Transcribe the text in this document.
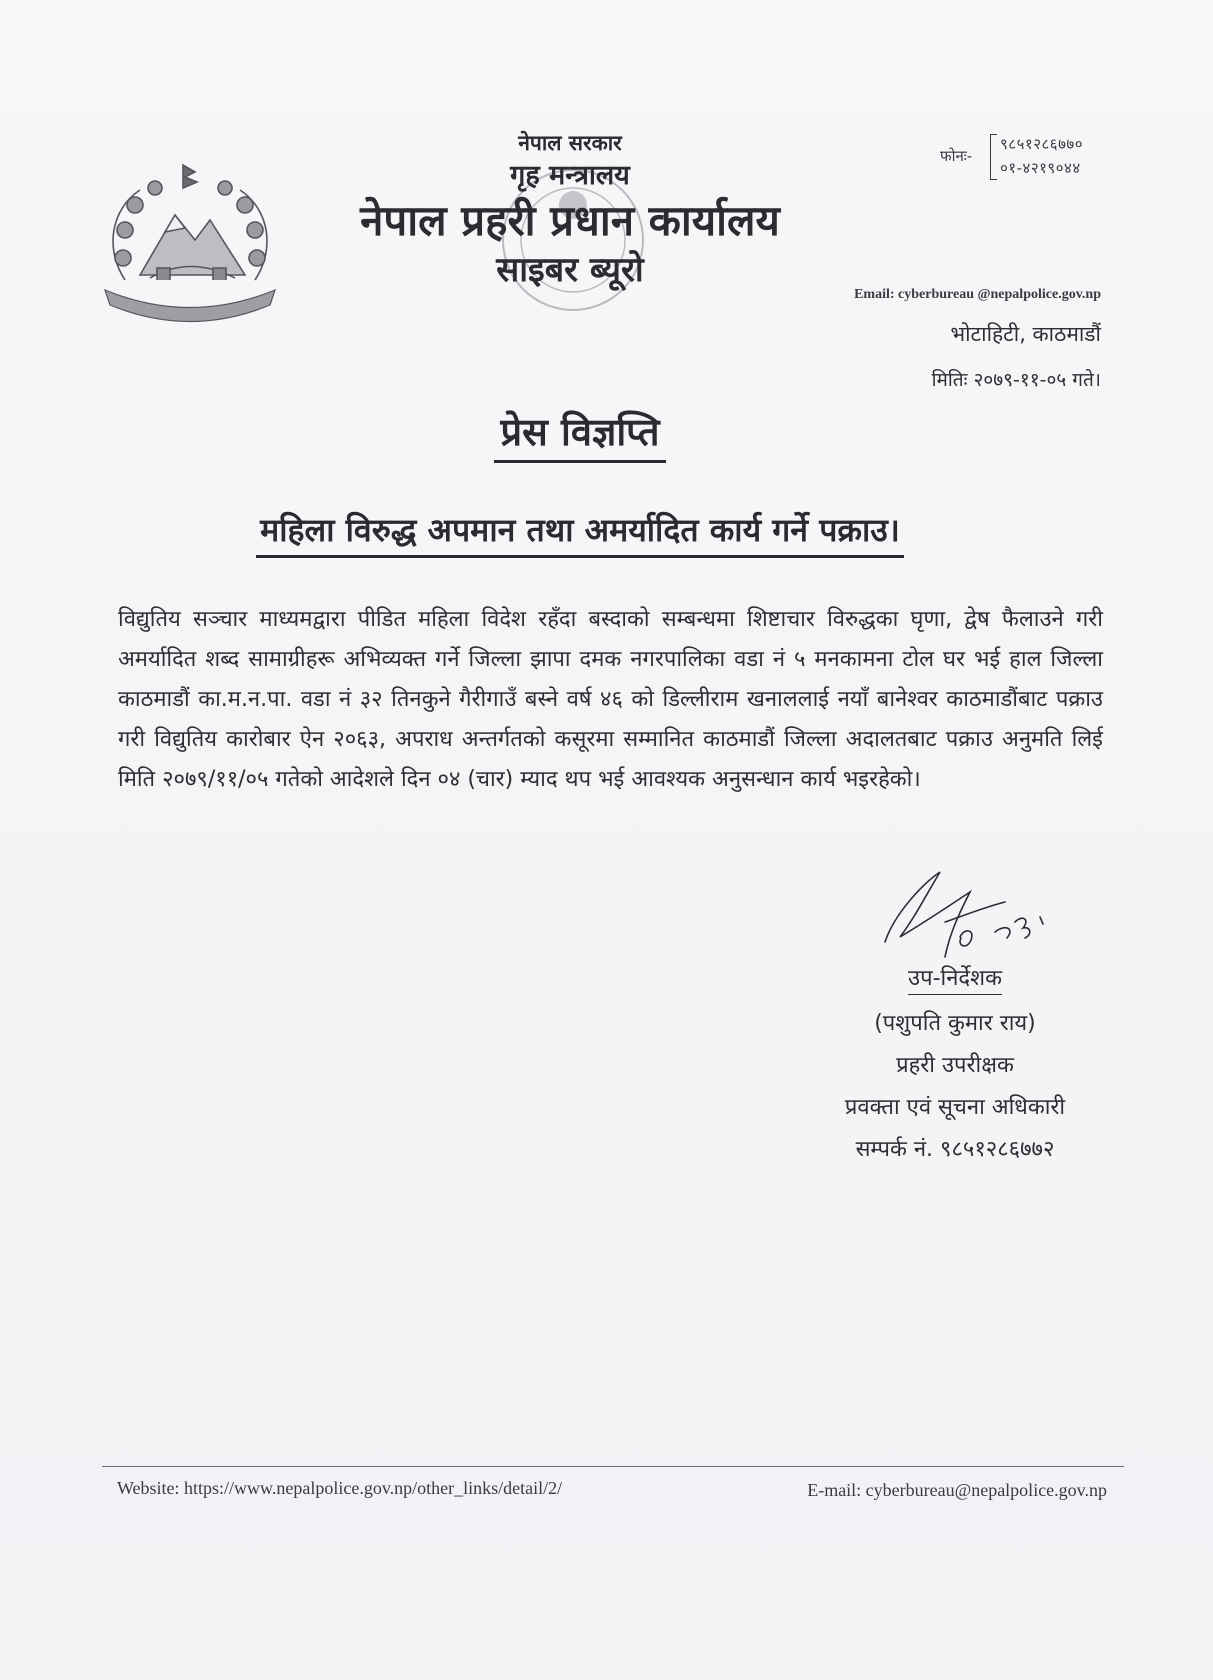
नेपाल सरकार
गृह मन्त्रालय
नेपाल प्रहरी प्रधान कार्यालय
साइबर ब्यूरो
फोनः-
९८५१२८६७७०
०१-४२१९०४४
Email: cyberbureau @nepalpolice.gov.np
भोटाहिटी, काठमाडौं
मितिः २०७९-११-०५ गते।
प्रेस विज्ञप्ति
महिला विरुद्ध अपमान तथा अमर्यादित कार्य गर्ने पक्राउ।
विद्युतिय सञ्चार माध्यमद्वारा पीडित महिला विदेश रहँदा बस्दाको सम्बन्धमा शिष्टाचार विरुद्धका घृणा, द्वेष फैलाउने गरी अमर्यादित शब्द सामाग्रीहरू अभिव्यक्त गर्ने जिल्ला झापा दमक नगरपालिका वडा नं ५ मनकामना टोल घर भई हाल जिल्ला काठमाडौं का.म.न.पा. वडा नं ३२ तिनकुने गैरीगाउँ बस्ने वर्ष ४६ को डिल्लीराम खनाललाई नयाँ बानेश्वर काठमाडौंबाट पक्राउ गरी विद्युतिय कारोबार ऐन २०६३, अपराध अन्तर्गतको कसूरमा सम्मानित काठमाडौं जिल्ला अदालतबाट पक्राउ अनुमति लिई मिति २०७९/११/०५ गतेको आदेशले दिन ०४ (चार) म्याद थप भई आवश्यक अनुसन्धान कार्य भइरहेको।
उप-निर्देशक
(पशुपति कुमार राय)
प्रहरी उपरीक्षक
प्रवक्ता एवं सूचना अधिकारी
सम्पर्क नं. ९८५१२८६७७२
Website: https://www.nepalpolice.gov.np/other_links/detail/2/	E-mail: cyberbureau@nepalpolice.gov.np
